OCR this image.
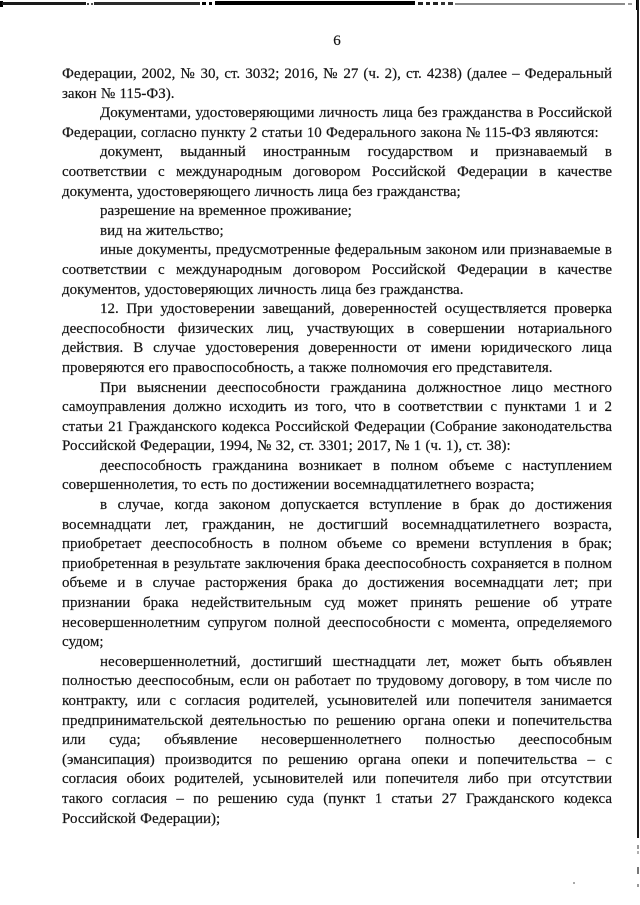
6

Федерации, 2002, № 30, ст. 3032; 2016, № 27 (ч. 2), ст. 4238) (далее – Федеральный закон № 115-ФЗ).

Документами, удостоверяющими личность лица без гражданства в Российской Федерации, согласно пункту 2 статьи 10 Федерального закона № 115-ФЗ являются:

документ, выданный иностранным государством и признаваемый в соответствии с международным договором Российской Федерации в качестве документа, удостоверяющего личность лица без гражданства;

разрешение на временное проживание;

вид на жительство;

иные документы, предусмотренные федеральным законом или признаваемые в соответствии с международным договором Российской Федерации в качестве документов, удостоверяющих личность лица без гражданства.

12. При удостоверении завещаний, доверенностей осуществляется проверка дееспособности физических лиц, участвующих в совершении нотариального действия. В случае удостоверения доверенности от имени юридического лица проверяются его правоспособность, а также полномочия его представителя.

При выяснении дееспособности гражданина должностное лицо местного самоуправления должно исходить из того, что в соответствии с пунктами 1 и 2 статьи 21 Гражданского кодекса Российской Федерации (Собрание законодательства Российской Федерации, 1994, № 32, ст. 3301; 2017, № 1 (ч. 1), ст. 38):

дееспособность гражданина возникает в полном объеме с наступлением совершеннолетия, то есть по достижении восемнадцатилетнего возраста;

в случае, когда законом допускается вступление в брак до достижения восемнадцати лет, гражданин, не достигший восемнадцатилетнего возраста, приобретает дееспособность в полном объеме со времени вступления в брак; приобретенная в результате заключения брака дееспособность сохраняется в полном объеме и в случае расторжения брака до достижения восемнадцати лет; при признании брака недействительным суд может принять решение об утрате несовершеннолетним супругом полной дееспособности с момента, определяемого судом;

несовершеннолетний, достигший шестнадцати лет, может быть объявлен полностью дееспособным, если он работает по трудовому договору, в том числе по контракту, или с согласия родителей, усыновителей или попечителя занимается предпринимательской деятельностью по решению органа опеки и попечительства или суда; объявление несовершеннолетнего полностью дееспособным (эмансипация) производится по решению органа опеки и попечительства – с согласия обоих родителей, усыновителей или попечителя либо при отсутствии такого согласия – по решению суда (пункт 1 статьи 27 Гражданского кодекса Российской Федерации);
